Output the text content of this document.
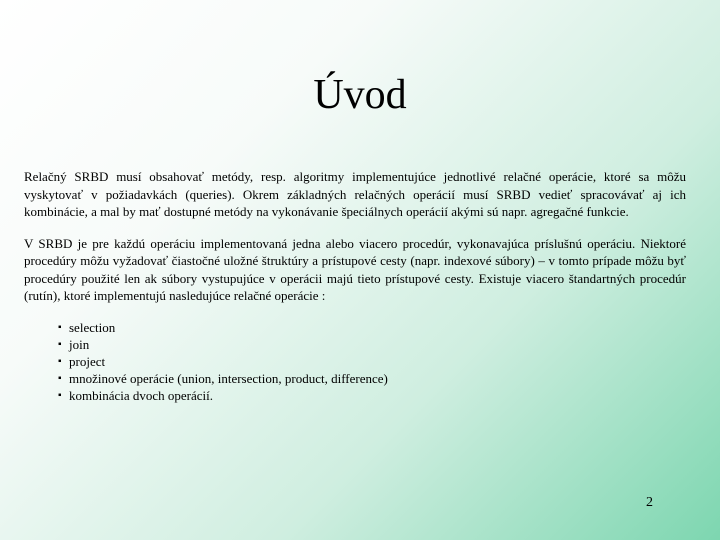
Úvod

Relačný SRBD musí obsahovať metódy, resp. algoritmy implementujúce jednotlivé relačné operácie, ktoré sa môžu vyskytovať v požiadavkách (queries). Okrem základných relačných operácií musí SRBD vedieť spracovávať aj ich kombinácie, a mal by mať dostupné metódy na vykonávanie špeciálnych operácií akými sú napr. agregačné funkcie.

V SRBD je pre každú operáciu implementovaná jedna alebo viacero procedúr, vykonavajúca príslušnú operáciu. Niektoré procedúry môžu vyžadovať čiastočné uložné štruktúry a prístupové cesty (napr. indexové súbory) – v tomto prípade môžu byť procedúry použité len ak súbory vystupujúce v operácii majú tieto prístupové cesty. Existuje viacero štandartných procedúr (rutín), ktoré implementujú nasledujúce relačné operácie :

▪ selection
▪ join
▪ project
▪ množinové operácie (union, intersection, product, difference)
▪ kombinácia dvoch operácií.
2
